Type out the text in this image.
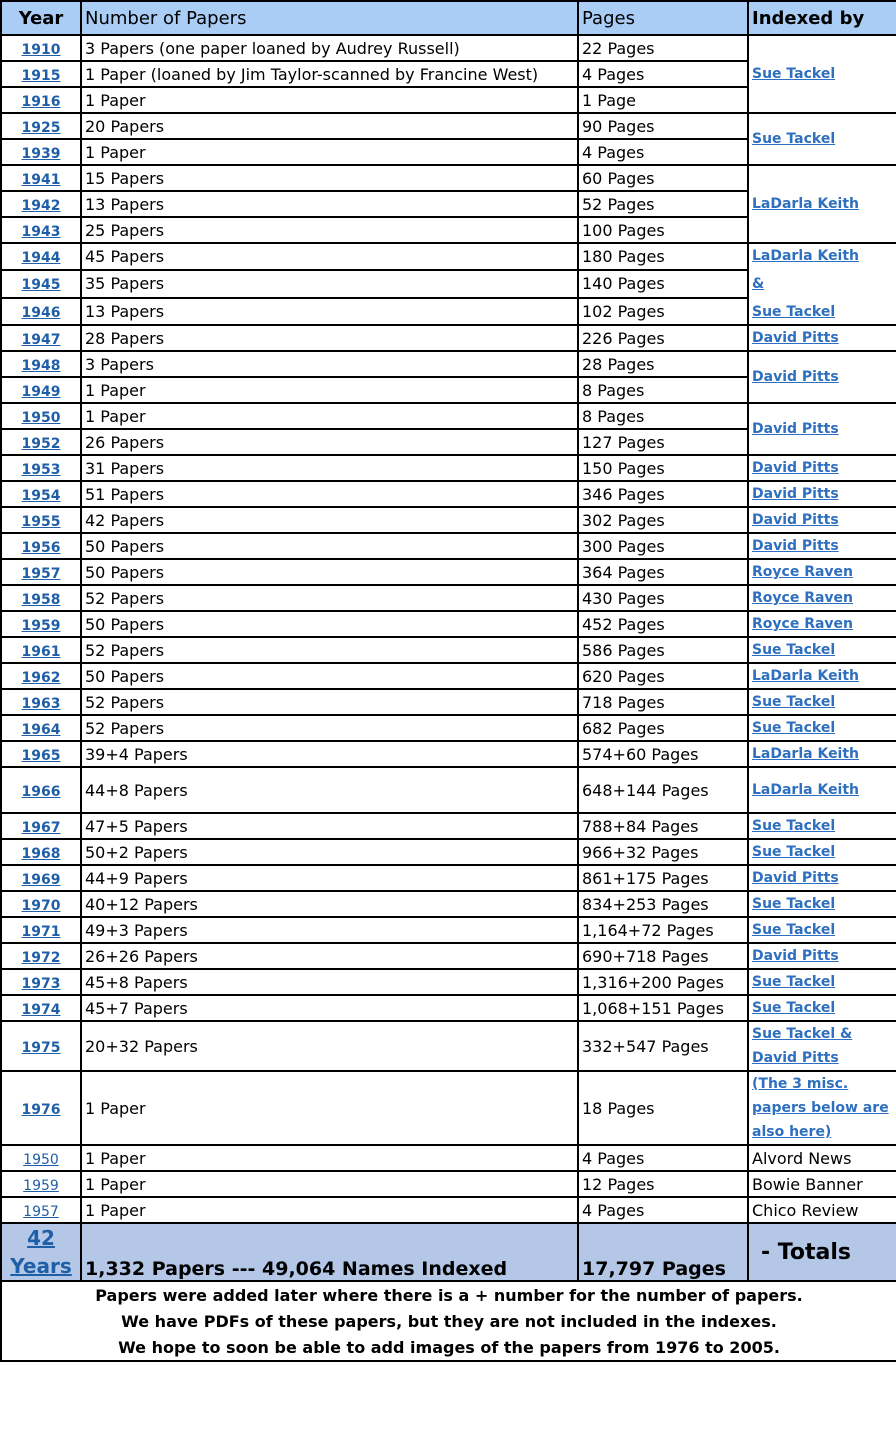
Year	Number of Papers	Pages	Indexed by
1910	3 Papers (one paper loaned by Audrey Russell)	22 Pages	Sue Tackel

1915	1 Paper (loaned by Jim Taylor-scanned by Francine West)	4 Pages	
1916	1 Paper	1 Page	
1925	20 Papers	90 Pages	Sue Tackel

1939	1 Paper	4 Pages	
1941	15 Papers	60 Pages	LaDarla Keith

1942	13 Papers	52 Pages	
1943	25 Papers	100 Pages	
1944	45 Papers	180 Pages	LaDarla Keith
&
Sue Tackel

1945	35 Papers	140 Pages	
1946	13 Papers	102 Pages	
1947	28 Papers	226 Pages	David Pitts

1948	3 Papers	28 Pages	David Pitts

1949	1 Paper	8 Pages	
1950	1 Paper	8 Pages	David Pitts

1952	26 Papers	127 Pages	
1953	31 Papers	150 Pages	David Pitts

1954	51 Papers	346 Pages	David Pitts

1955	42 Papers	302 Pages	David Pitts

1956	50 Papers	300 Pages	David Pitts

1957	50 Papers	364 Pages	Royce Raven

1958	52 Papers	430 Pages	Royce Raven

1959	50 Papers	452 Pages	Royce Raven

1961	52 Papers	586 Pages	Sue Tackel

1962	50 Papers	620 Pages	LaDarla Keith

1963	52 Papers	718 Pages	Sue Tackel

1964	52 Papers	682 Pages	Sue Tackel

1965	39+4 Papers	574+60 Pages	LaDarla Keith

1966	44+8 Papers	648+144 Pages	LaDarla Keith

1967	47+5 Papers	788+84 Pages	Sue Tackel

1968	50+2 Papers	966+32 Pages	Sue Tackel

1969	44+9 Papers	861+175 Pages	David Pitts

1970	40+12 Papers	834+253 Pages	Sue Tackel

1971	49+3 Papers	1,164+72 Pages	Sue Tackel

1972	26+26 Papers	690+718 Pages	David Pitts

1973	45+8 Papers	1,316+200 Pages	Sue Tackel

1974	45+7 Papers	1,068+151 Pages	Sue Tackel

1975	20+32 Papers	332+547 Pages	Sue Tackel &
David Pitts

1976	1 Paper	18 Pages	(The 3 misc.
papers below are
also here)

1950	1 Paper	4 Pages	Alvord News
1959	1 Paper	12 Pages	Bowie Banner
1957	1 Paper	4 Pages	Chico Review

42
Years	1,332 Papers --- 49,064 Names Indexed	17,797 Pages	- Totals
Papers were added later where there is a + number for the number of papers.			
We have PDFs of these papers, but they are not included in the indexes.			
We hope to soon be able to add images of the papers from 1976 to 2005.			
